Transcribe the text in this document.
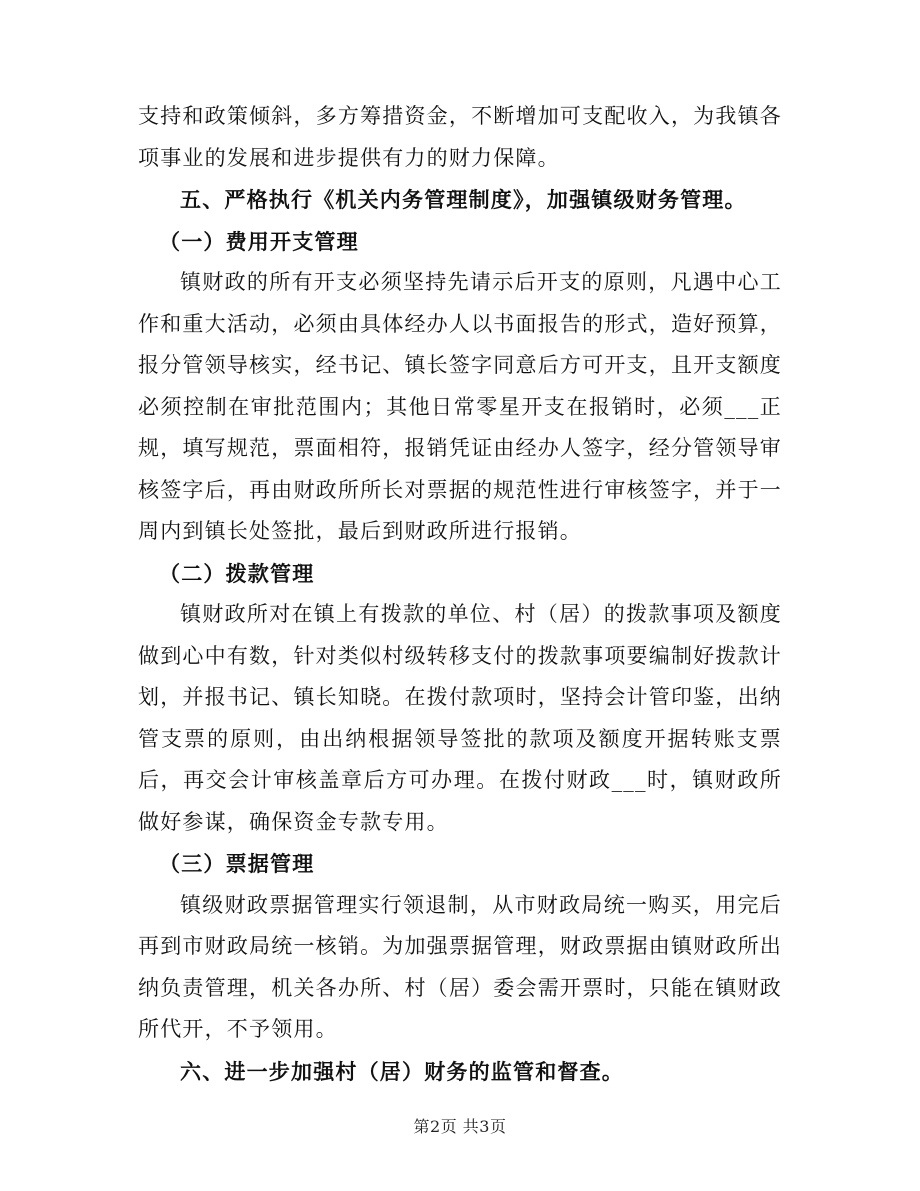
支持和政策倾斜，多方筹措资金，不断增加可支配收入，为我镇各项事业的发展和进步提供有力的财力保障。

五、严格执行《机关内务管理制度》，加强镇级财务管理。

（一）费用开支管理

镇财政的所有开支必须坚持先请示后开支的原则，凡遇中心工作和重大活动，必须由具体经办人以书面报告的形式，造好预算，报分管领导核实，经书记、镇长签字同意后方可开支，且开支额度必须控制在审批范围内；其他日常零星开支在报销时，必须___正规，填写规范，票面相符，报销凭证由经办人签字，经分管领导审核签字后，再由财政所所长对票据的规范性进行审核签字，并于一周内到镇长处签批，最后到财政所进行报销。

（二）拨款管理

镇财政所对在镇上有拨款的单位、村（居）的拨款事项及额度做到心中有数，针对类似村级转移支付的拨款事项要编制好拨款计划，并报书记、镇长知晓。在拨付款项时，坚持会计管印鉴，出纳管支票的原则，由出纳根据领导签批的款项及额度开据转账支票后，再交会计审核盖章后方可办理。在拨付财政___时，镇财政所做好参谋，确保资金专款专用。

（三）票据管理

镇级财政票据管理实行领退制，从市财政局统一购买，用完后再到市财政局统一核销。为加强票据管理，财政票据由镇财政所出纳负责管理，机关各办所、村（居）委会需开票时，只能在镇财政所代开，不予领用。

六、进一步加强村（居）财务的监管和督查。

第2页 共3页
